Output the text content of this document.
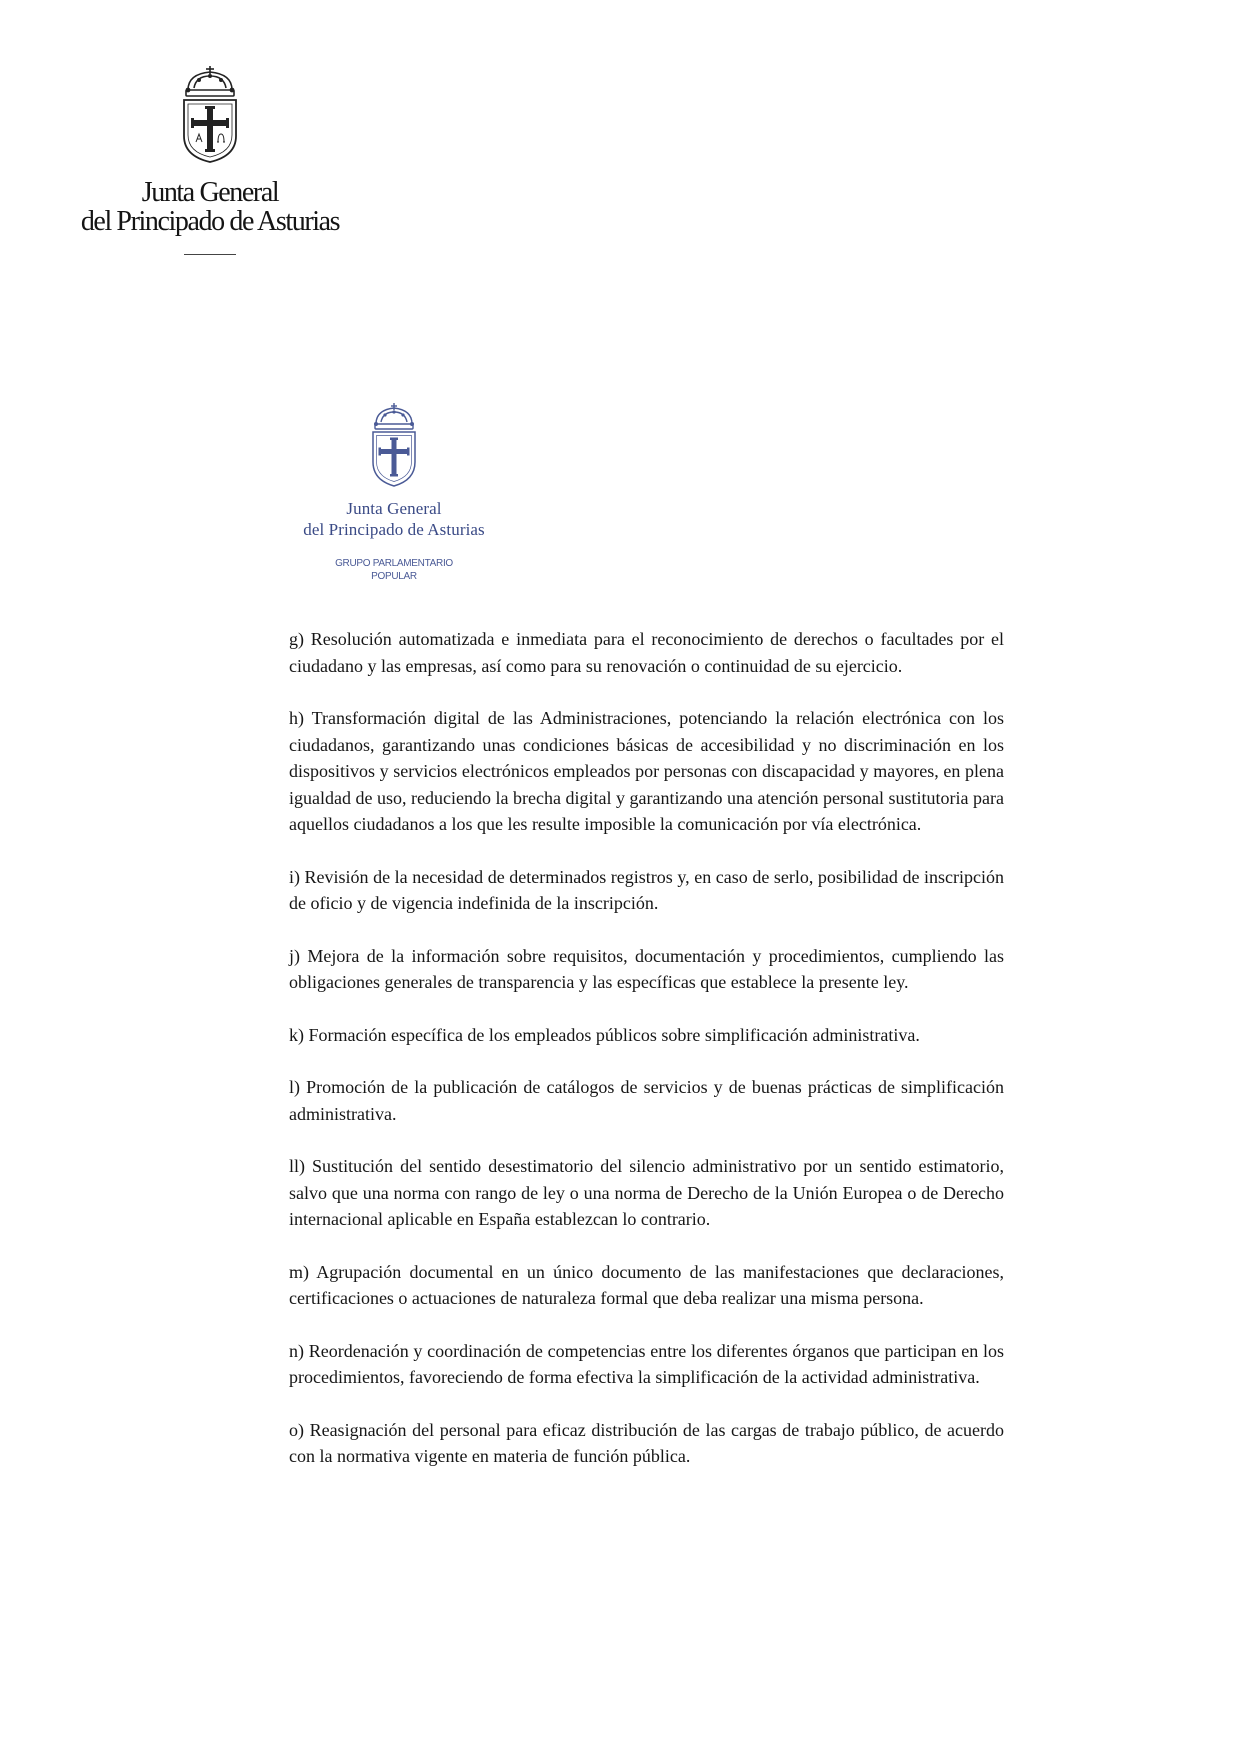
Junta General
del Principado de Asturias
Junta General
del Principado de Asturias
GRUPO PARLAMENTARIO
POPULAR

g) Resolución automatizada e inmediata para el reconocimiento de derechos o facultades por el ciudadano y las empresas, así como para su renovación o continuidad de su ejercicio.

h) Transformación digital de las Administraciones, potenciando la relación electrónica con los ciudadanos, garantizando unas condiciones básicas de accesibilidad y no discriminación en los dispositivos y servicios electrónicos empleados por personas con discapacidad y mayores, en plena igualdad de uso, reduciendo la brecha digital y garantizando una atención personal sustitutoria para aquellos ciudadanos a los que les resulte imposible la comunicación por vía electrónica.

i) Revisión de la necesidad de determinados registros y, en caso de serlo, posibilidad de inscripción de oficio y de vigencia indefinida de la inscripción.

j) Mejora de la información sobre requisitos, documentación y procedimientos, cumpliendo las obligaciones generales de transparencia y las específicas que establece la presente ley.

k) Formación específica de los empleados públicos sobre simplificación administrativa.

l) Promoción de la publicación de catálogos de servicios y de buenas prácticas de simplificación administrativa.

ll) Sustitución del sentido desestimatorio del silencio administrativo por un sentido estimatorio, salvo que una norma con rango de ley o una norma de Derecho de la Unión Europea o de Derecho internacional aplicable en España establezcan lo contrario.

m) Agrupación documental en un único documento de las manifestaciones que declaraciones, certificaciones o actuaciones de naturaleza formal que deba realizar una misma persona.

n) Reordenación y coordinación de competencias entre los diferentes órganos que participan en los procedimientos, favoreciendo de forma efectiva la simplificación de la actividad administrativa.

o) Reasignación del personal para eficaz distribución de las cargas de trabajo público, de acuerdo con la normativa vigente en materia de función pública.
